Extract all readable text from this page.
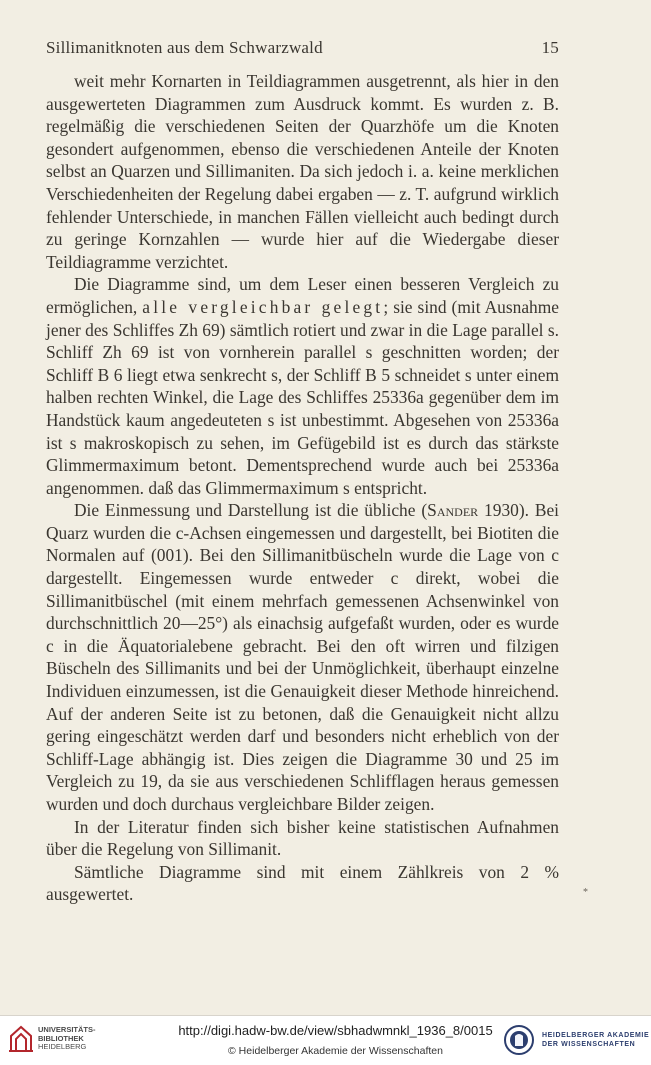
Sillimanitknoten aus dem Schwarzwald	15

weit mehr Kornarten in Teildiagrammen ausgetrennt, als hier in den ausgewerteten Diagrammen zum Ausdruck kommt. Es wurden z. B. regelmäßig die verschiedenen Seiten der Quarzhöfe um die Knoten gesondert aufgenommen, ebenso die verschiedenen Anteile der Knoten selbst an Quarzen und Sillimaniten. Da sich jedoch i. a. keine merklichen Verschiedenheiten der Regelung dabei ergaben — z. T. aufgrund wirklich fehlender Unterschiede, in manchen Fällen vielleicht auch bedingt durch zu geringe Kornzahlen — wurde hier auf die Wiedergabe dieser Teildiagramme verzichtet.

Die Diagramme sind, um dem Leser einen besseren Vergleich zu ermöglichen, alle vergleichbar gelegt; sie sind (mit Ausnahme jener des Schliffes Zh 69) sämtlich rotiert und zwar in die Lage parallel s. Schliff Zh 69 ist von vornherein parallel s geschnitten worden; der Schliff B 6 liegt etwa senkrecht s, der Schliff B 5 schneidet s unter einem halben rechten Winkel, die Lage des Schliffes 25336a gegenüber dem im Handstück kaum angedeuteten s ist unbestimmt. Abgesehen von 25336a ist s makroskopisch zu sehen, im Gefügebild ist es durch das stärkste Glimmermaximum betont. Dementsprechend wurde auch bei 25336a angenommen. daß das Glimmermaximum s entspricht.

Die Einmessung und Darstellung ist die übliche (Sander 1930). Bei Quarz wurden die c-Achsen eingemessen und dargestellt, bei Biotiten die Normalen auf (001). Bei den Sillimanitbüscheln wurde die Lage von c dargestellt. Eingemessen wurde entweder c direkt, wobei die Sillimanitbüschel (mit einem mehrfach gemessenen Achsenwinkel von durchschnittlich 20—25°) als einachsig aufgefaßt wurden, oder es wurde c in die Äquatorialebene gebracht. Bei den oft wirren und filzigen Büscheln des Sillimanits und bei der Unmöglichkeit, überhaupt einzelne Individuen einzumessen, ist die Genauigkeit dieser Methode hinreichend. Auf der anderen Seite ist zu betonen, daß die Genauigkeit nicht allzu gering eingeschätzt werden darf und besonders nicht erheblich von der Schliff-Lage abhängig ist. Dies zeigen die Diagramme 30 und 25 im Vergleich zu 19, da sie aus verschiedenen Schlifflagen heraus gemessen wurden und doch durchaus vergleichbare Bilder zeigen.

In der Literatur finden sich bisher keine statistischen Aufnahmen über die Regelung von Sillimanit.

Sämtliche Diagramme sind mit einem Zählkreis von 2 % ausgewertet.	*
UNIVERSITÄTS-
BIBLIOTHEK
HEIDELBERG
http://digi.hadw-bw.de/view/sbhadwmnkl_1936_8/0015
© Heidelberger Akademie der Wissenschaften
HEIDELBERGER AKADEMIE
DER WISSENSCHAFTEN
